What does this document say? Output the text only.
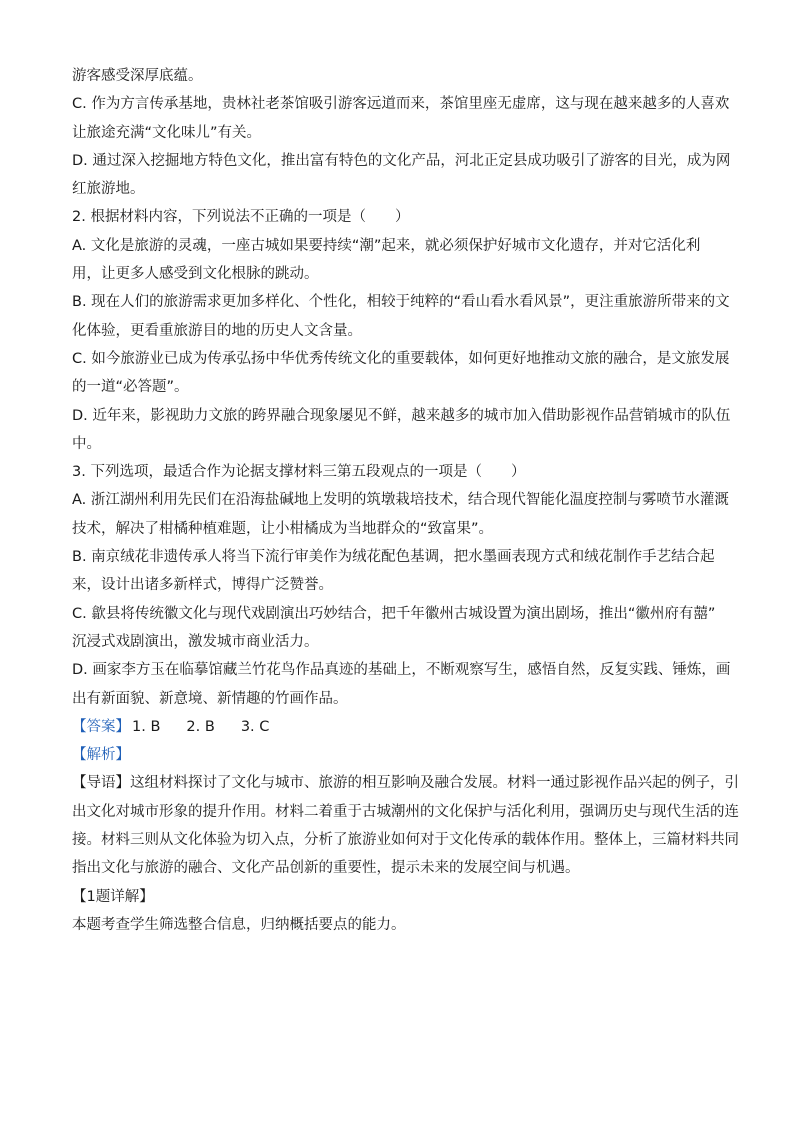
游客感受深厚底蕴。
C. 作为方言传承基地，贵林社老茶馆吸引游客远道而来，茶馆里座无虚席，这与现在越来越多的人喜欢
让旅途充满“文化味儿”有关。
D. 通过深入挖掘地方特色文化，推出富有特色的文化产品，河北正定县成功吸引了游客的目光，成为网
红旅游地。
2. 根据材料内容，下列说法不正确的一项是（　　）
A. 文化是旅游的灵魂，一座古城如果要持续“潮”起来，就必须保护好城市文化遗存，并对它活化利
用，让更多人感受到文化根脉的跳动。
B. 现在人们的旅游需求更加多样化、个性化，相较于纯粹的“看山看水看风景”，更注重旅游所带来的文
化体验，更看重旅游目的地的历史人文含量。
C. 如今旅游业已成为传承弘扬中华优秀传统文化的重要载体，如何更好地推动文旅的融合，是文旅发展
的一道“必答题”。
D. 近年来，影视助力文旅的跨界融合现象屡见不鲜，越来越多的城市加入借助影视作品营销城市的队伍
中。
3. 下列选项，最适合作为论据支撑材料三第五段观点的一项是（　　）
A. 浙江湖州利用先民们在沿海盐碱地上发明的筑墩栽培技术，结合现代智能化温度控制与雾喷节水灌溉
技术，解决了柑橘种植难题，让小柑橘成为当地群众的“致富果”。
B. 南京绒花非遗传承人将当下流行审美作为绒花配色基调，把水墨画表现方式和绒花制作手艺结合起
来，设计出诸多新样式，博得广泛赞誉。
C. 歙县将传统徽文化与现代戏剧演出巧妙结合，把千年徽州古城设置为演出剧场，推出“徽州府有囍”
沉浸式戏剧演出，激发城市商业活力。
D. 画家李方玉在临摹馆藏兰竹花鸟作品真迹的基础上，不断观察写生，感悟自然，反复实践、锤炼，画
出有新面貌、新意境、新情趣的竹画作品。
【答案】 1. B 2. B 3. C
【解析】
【导语】这组材料探讨了文化与城市、旅游的相互影响及融合发展。材料一通过影视作品兴起的例子，引
出文化对城市形象的提升作用。材料二着重于古城潮州的文化保护与活化利用，强调历史与现代生活的连
接。材料三则从文化体验为切入点，分析了旅游业如何对于文化传承的载体作用。整体上，三篇材料共同
指出文化与旅游的融合、文化产品创新的重要性，提示未来的发展空间与机遇。
【1题详解】
本题考查学生筛选整合信息，归纳概括要点的能力。
